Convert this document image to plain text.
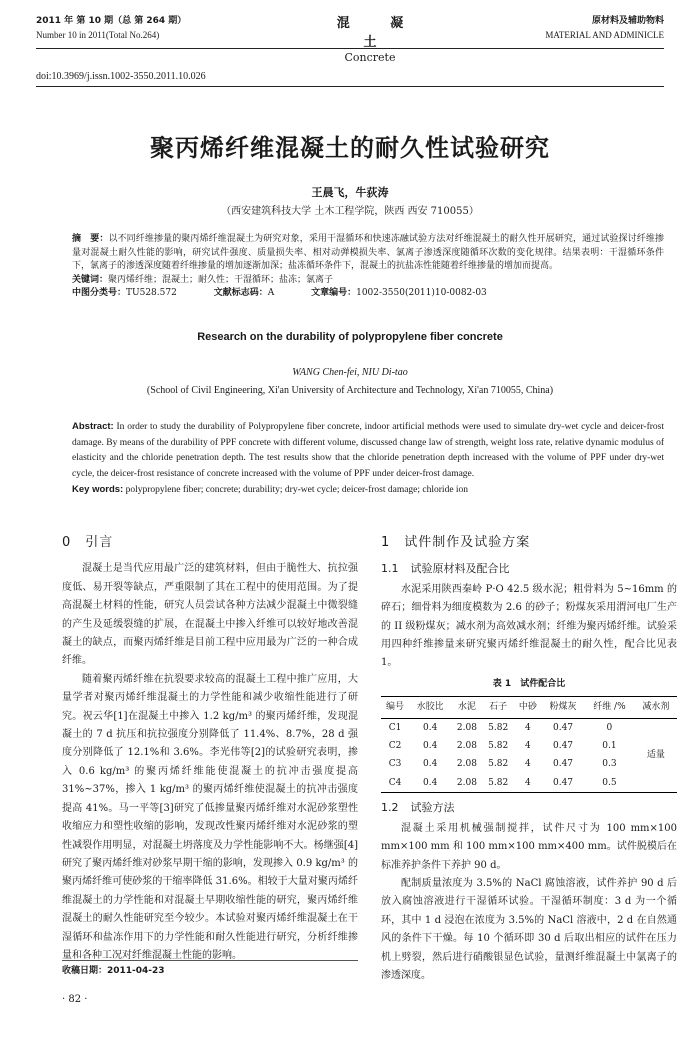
2011 年 第 10 期（总 第 264 期）
Number 10 in 2011(Total No.264)
混 凝 土
Concrete
原材料及辅助物料
MATERIAL AND ADMINICLE
doi:10.3969/j.issn.1002-3550.2011.10.026
聚丙烯纤维混凝土的耐久性试验研究
王晨飞，牛荻涛
（西安建筑科技大学 土木工程学院，陕西 西安 710055）
摘　要：以不同纤维掺量的聚丙烯纤维混凝土为研究对象，采用干湿循环和快速冻融试验方法对纤维混凝土的耐久性开展研究，通过试验探讨纤维掺量对混凝土耐久性能的影响，研究试件强度、质量损失率、相对动弹模损失率、氯离子渗透深度随循环次数的变化规律。结果表明：干湿循环条件下，氯离子的渗透深度随着纤维掺量的增加逐渐加深；盐冻循环条件下，混凝土的抗盐冻性能随着纤维掺量的增加而提高。
关键词：聚丙烯纤维；混凝土；耐久性；干湿循环；盐冻；氯离子
中图分类号：TU528.572	文献标志码：A	文章编号：1002-3550(2011)10-0082-03
Research on the durability of polypropylene fiber concrete
WANG Chen-fei, NIU Di-tao
(School of Civil Engineering, Xi'an University of Architecture and Technology, Xi'an 710055, China)
Abstract: In order to study the durability of Polypropylene fiber concrete, indoor artificial methods were used to simulate dry-wet cycle and deicer-frost damage. By means of the durability of PPF concrete with different volume, discussed change law of strength, weight loss rate, relative dynamic modulus of elasticity and the chloride penetration depth. The test results show that the chloride penetration depth increased with the volume of PPF under dry-wet cycle, the deicer-frost resistance of concrete increased with the volume of PPF under deicer-frost damage.
Key words: polypropylene fiber; concrete; durability; dry-wet cycle; deicer-frost damage; chloride ion
0 引言

混凝土是当代应用最广泛的建筑材料，但由于脆性大、抗拉强度低、易开裂等缺点，严重限制了其在工程中的使用范围。为了提高混凝土材料的性能，研究人员尝试各种方法减少混凝土中微裂缝的产生及延缓裂缝的扩展，在混凝土中掺入纤维可以较好地改善混凝土的缺点，而聚丙烯纤维是目前工程中应用最为广泛的一种合成纤维。

随着聚丙烯纤维在抗裂要求较高的混凝土工程中推广应用，大量学者对聚丙烯纤维混凝土的力学性能和减少收缩性能进行了研究。祝云华[1]在混凝土中掺入 1.2 kg/m³ 的聚丙烯纤维，发现混凝土的 7 d 抗压和抗拉强度分别降低了 11.4%、8.7%，28 d 强度分别降低了 12.1%和 3.6%。李光伟等[2]的试验研究表明，掺入 0.6 kg/m³ 的聚丙烯纤维能使混凝土的抗冲击强度提高 31%~37%，掺入 1 kg/m³ 的聚丙烯纤维使混凝土的抗冲击强度提高 41%。马一平等[3]研究了低掺量聚丙烯纤维对水泥砂浆塑性收缩应力和塑性收缩的影响，发现改性聚丙烯纤维对水泥砂浆的塑性减裂作用明显，对混凝土坍落度及力学性能影响不大。杨继强[4]研究了聚丙烯纤维对砂浆早期干缩的影响，发现掺入 0.9 kg/m³ 的聚丙烯纤维可使砂浆的干缩率降低 31.6%。相较于大量对聚丙烯纤维混凝土的力学性能和对混凝土早期收缩性能的研究，聚丙烯纤维混凝土的耐久性能研究至今较少。本试验对聚丙烯纤维混凝土在干湿循环和盐冻作用下的力学性能和耐久性能进行研究，分析纤维掺量和各种工况对纤维混凝土性能的影响。

收稿日期：2011-04-23
· 82 ·
1 试件制作及试验方案
1.1 试验原材料及配合比

水泥采用陕西秦岭 P·O 42.5 级水泥；粗骨料为 5~16mm 的碎石；细骨料为细度模数为 2.6 的砂子；粉煤灰采用渭河电厂生产的 II 级粉煤灰；减水剂为高效减水剂；纤维为聚丙烯纤维。试验采用四种纤维掺量来研究聚丙烯纤维混凝土的耐久性，配合比见表 1。

表 1　试件配合比
编号	水胶比	水泥	石子	中砂	粉煤灰	纤维 /%	减水剂
C1	0.4	2.08	5.82	4	0.47	0	适量
C2	0.4	2.08	5.82	4	0.47	0.1	
C3	0.4	2.08	5.82	4	0.47	0.3	
C4	0.4	2.08	5.82	4	0.47	0.5	
1.2 试验方法

混凝土采用机械强制搅拌，试件尺寸为 100 mm×100 mm×100 mm 和 100 mm×100 mm×400 mm。试件脱模后在标准养护条件下养护 90 d。

配制质量浓度为 3.5%的 NaCl 腐蚀溶液，试件养护 90 d 后放入腐蚀溶液进行干湿循环试验。干湿循环制度：3 d 为一个循环，其中 1 d 浸泡在浓度为 3.5%的 NaCl 溶液中，2 d 在自然通风的条件下干燥。每 10 个循环即 30 d 后取出相应的试件在压力机上劈裂，然后进行硝酸银显色试验，量测纤维混凝土中氯离子的渗透深度。
